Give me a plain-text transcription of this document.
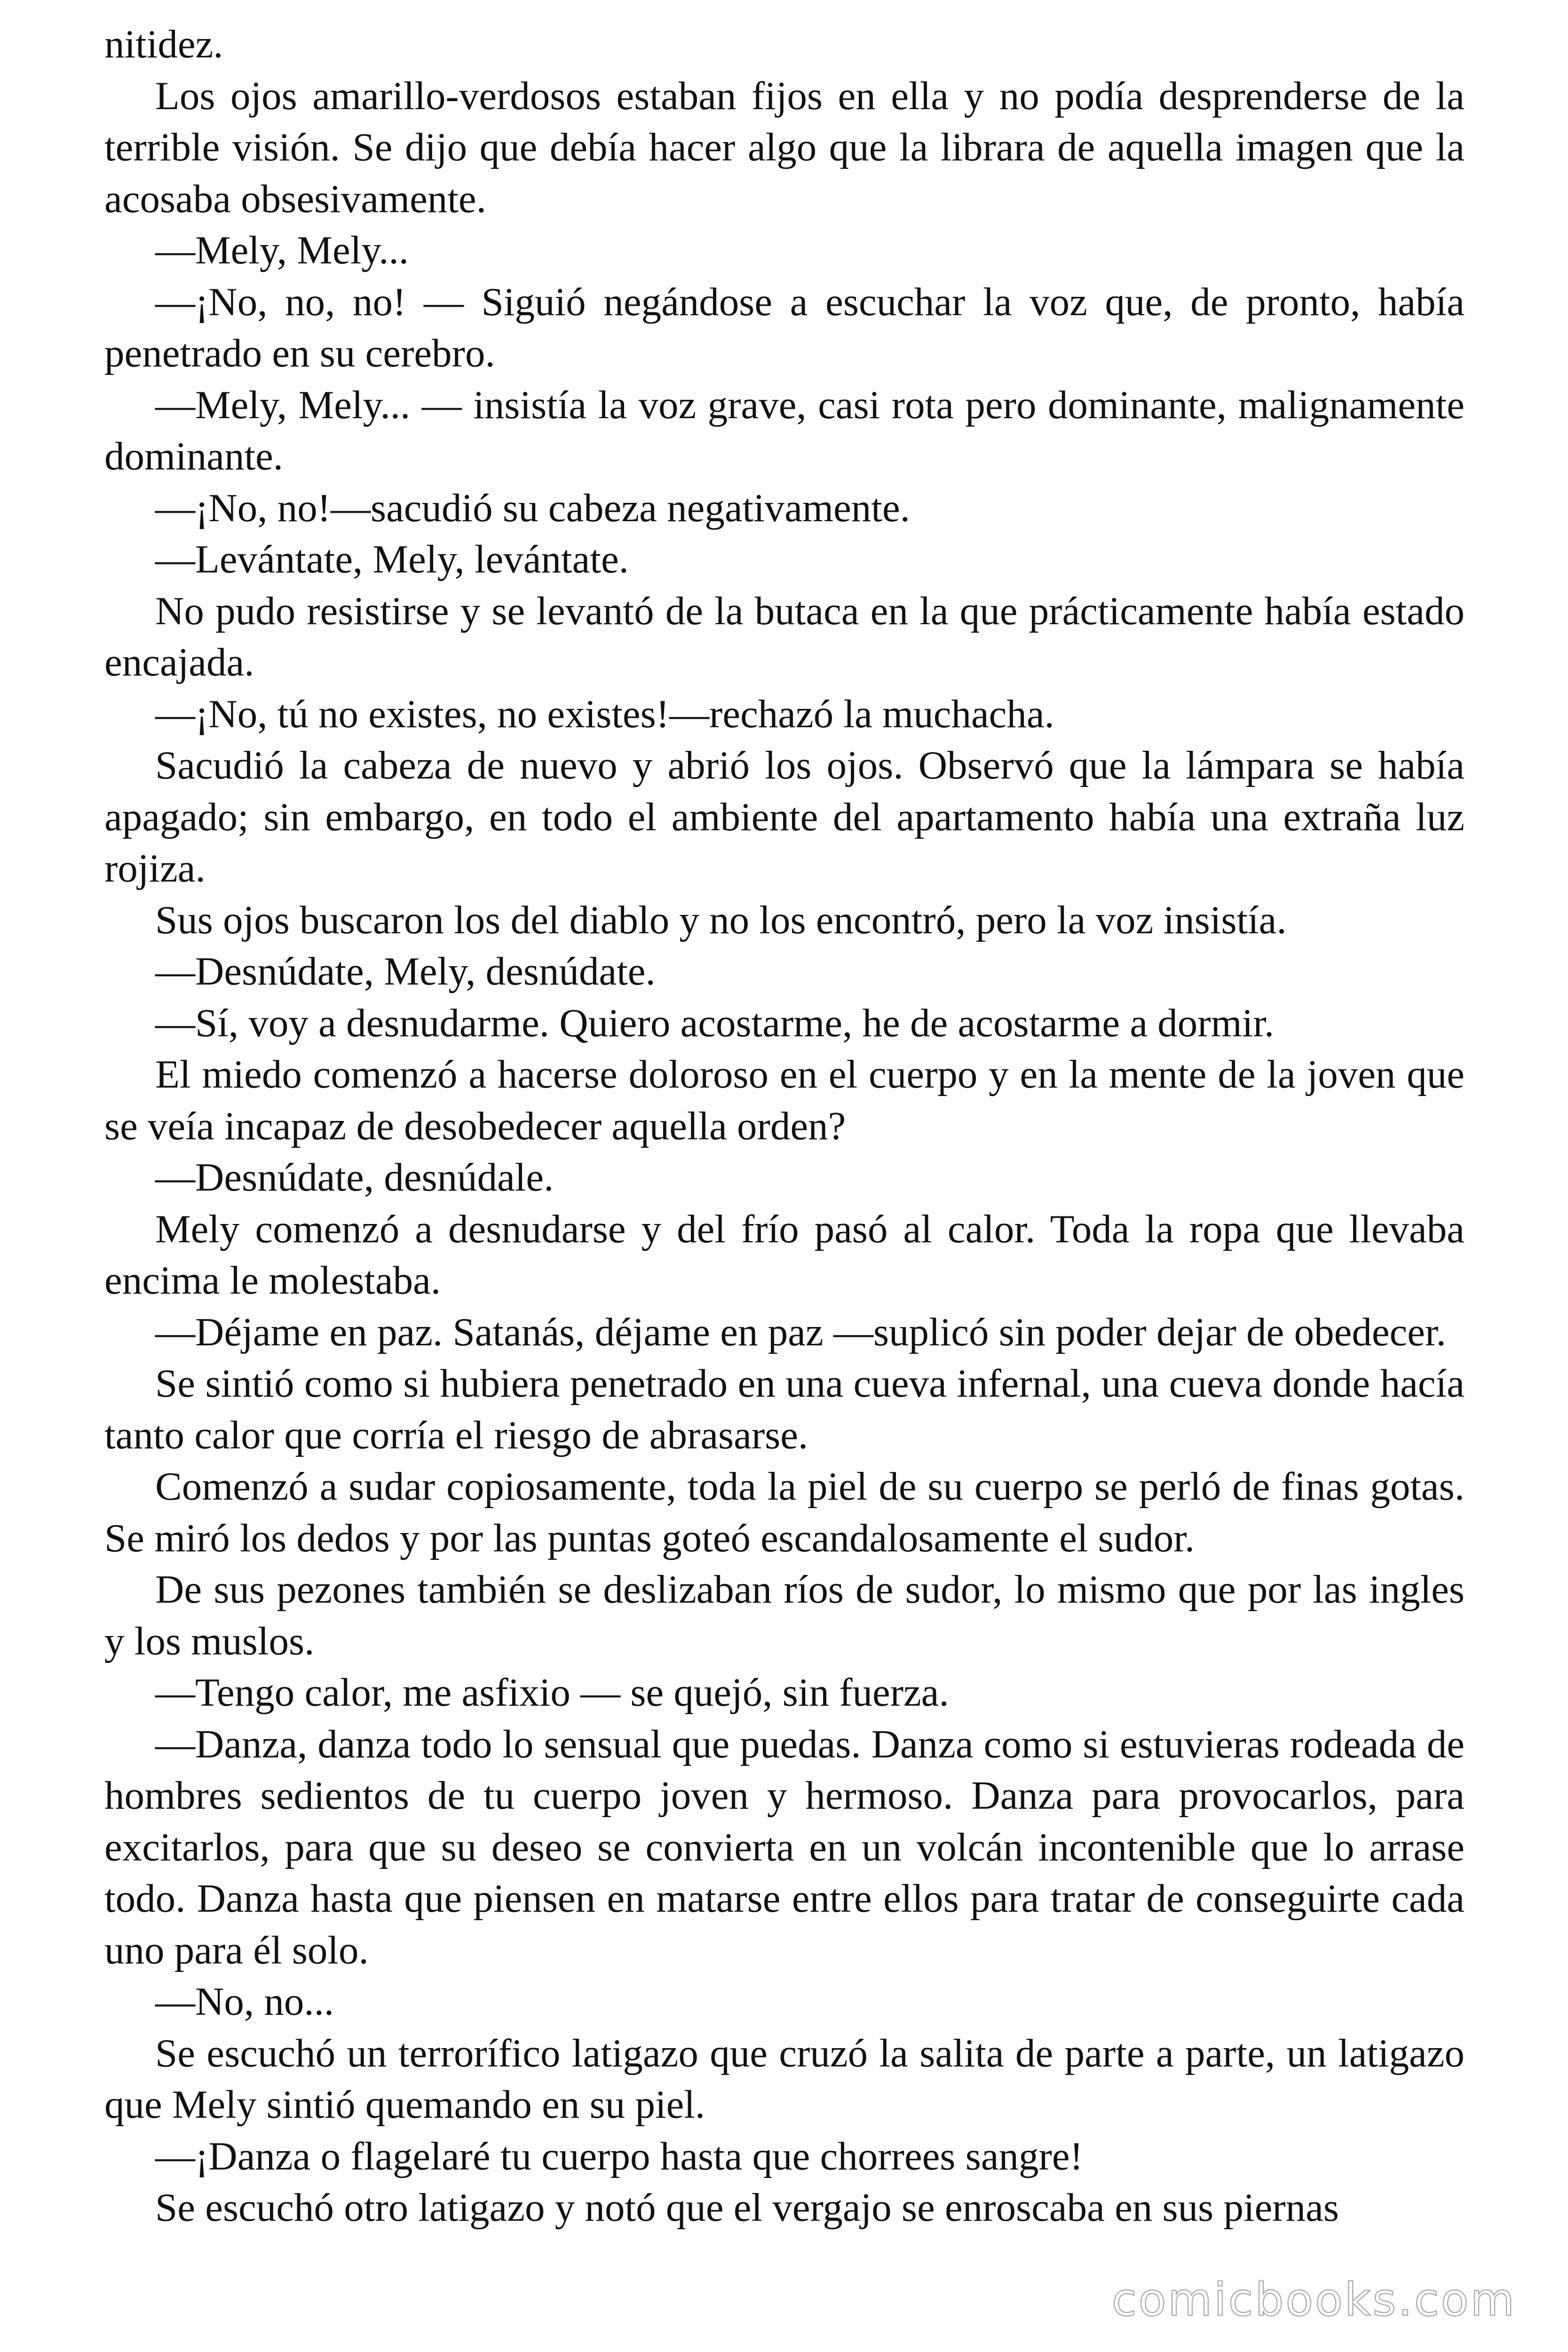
nitidez.

Los ojos amarillo-verdosos estaban fijos en ella y no podía desprenderse de la terrible visión. Se dijo que debía hacer algo que la librara de aquella imagen que la acosaba obsesivamente.

—Mely, Mely...

—¡No, no, no! — Siguió negándose a escuchar la voz que, de pronto, había penetrado en su cerebro.

—Mely, Mely... — insistía la voz grave, casi rota pero dominante, malignamente dominante.

—¡No, no!—sacudió su cabeza negativamente.

—Levántate, Mely, levántate.

No pudo resistirse y se levantó de la butaca en la que prácticamente había estado encajada.

—¡No, tú no existes, no existes!—rechazó la muchacha.

Sacudió la cabeza de nuevo y abrió los ojos. Observó que la lámpara se había apagado; sin embargo, en todo el ambiente del apartamento había una extraña luz rojiza.

Sus ojos buscaron los del diablo y no los encontró, pero la voz insistía.

—Desnúdate, Mely, desnúdate.

—Sí, voy a desnudarme. Quiero acostarme, he de acostarme a dormir.

El miedo comenzó a hacerse doloroso en el cuerpo y en la mente de la joven que se veía incapaz de desobedecer aquella orden?

—Desnúdate, desnúdale.

Mely comenzó a desnudarse y del frío pasó al calor. Toda la ropa que llevaba encima le molestaba.

—Déjame en paz. Satanás, déjame en paz —suplicó sin poder dejar de obedecer.

Se sintió como si hubiera penetrado en una cueva infernal, una cueva donde hacía tanto calor que corría el riesgo de abrasarse.

Comenzó a sudar copiosamente, toda la piel de su cuerpo se perló de finas gotas. Se miró los dedos y por las puntas goteó escandalosamente el sudor.

De sus pezones también se deslizaban ríos de sudor, lo mismo que por las ingles y los muslos.

—Tengo calor, me asfixio — se quejó, sin fuerza.

—Danza, danza todo lo sensual que puedas. Danza como si estuvieras rodeada de hombres sedientos de tu cuerpo joven y hermoso. Danza para provocarlos, para excitarlos, para que su deseo se convierta en un volcán incontenible que lo arrase todo. Danza hasta que piensen en matarse entre ellos para tratar de conseguirte cada uno para él solo.

—No, no...

Se escuchó un terrorífico latigazo que cruzó la salita de parte a parte, un latigazo que Mely sintió quemando en su piel.

—¡Danza o flagelaré tu cuerpo hasta que chorrees sangre!

Se escuchó otro latigazo y notó que el vergajo se enroscaba en sus piernas

comicbooks.com
